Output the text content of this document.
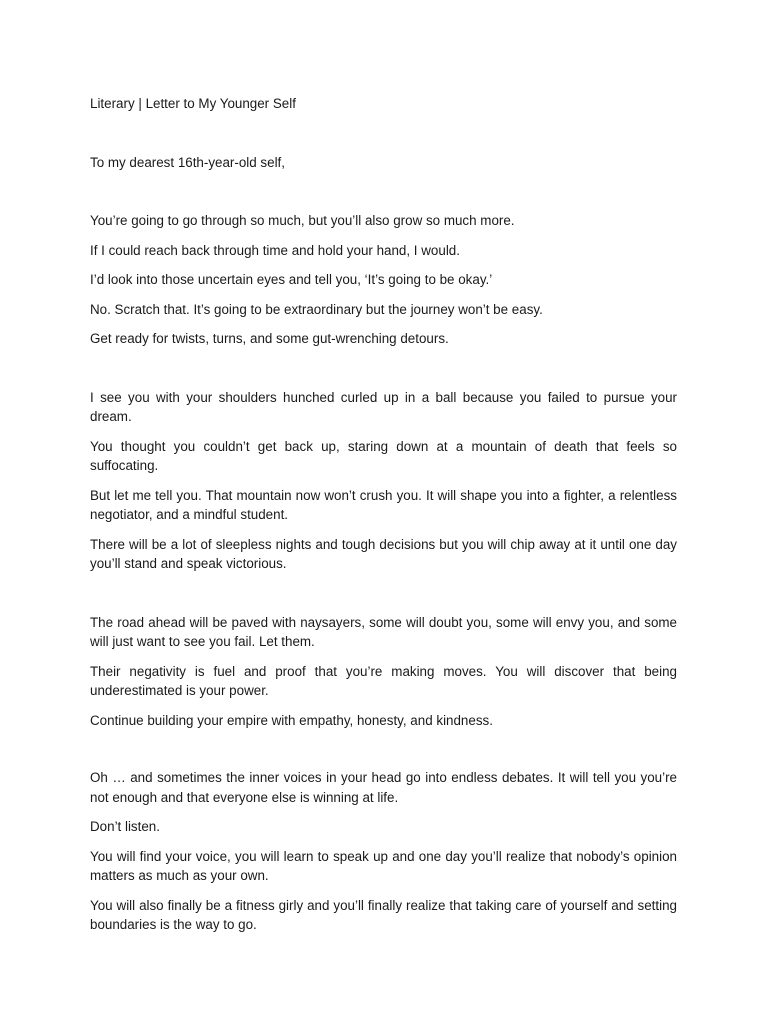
Literary | Letter to My Younger Self

To my dearest 16th-year-old self,

You’re going to go through so much, but you’ll also grow so much more.

If I could reach back through time and hold your hand, I would.

I’d look into those uncertain eyes and tell you, ‘It’s going to be okay.’

No. Scratch that. It’s going to be extraordinary but the journey won’t be easy.

Get ready for twists, turns, and some gut-wrenching detours.

I see you with your shoulders hunched curled up in a ball because you failed to pursue your dream.

You thought you couldn’t get back up, staring down at a mountain of death that feels so suffocating.

But let me tell you. That mountain now won’t crush you. It will shape you into a fighter, a relentless negotiator, and a mindful student.

There will be a lot of sleepless nights and tough decisions but you will chip away at it until one day you’ll stand and speak victorious.

The road ahead will be paved with naysayers, some will doubt you, some will envy you, and some will just want to see you fail. Let them.

Their negativity is fuel and proof that you’re making moves. You will discover that being underestimated is your power.

Continue building your empire with empathy, honesty, and kindness.

Oh … and sometimes the inner voices in your head go into endless debates. It will tell you you’re not enough and that everyone else is winning at life.

Don’t listen.

You will find your voice, you will learn to speak up and one day you’ll realize that nobody’s opinion matters as much as your own.

You will also finally be a fitness girly and you’ll finally realize that taking care of yourself and setting boundaries is the way to go.
